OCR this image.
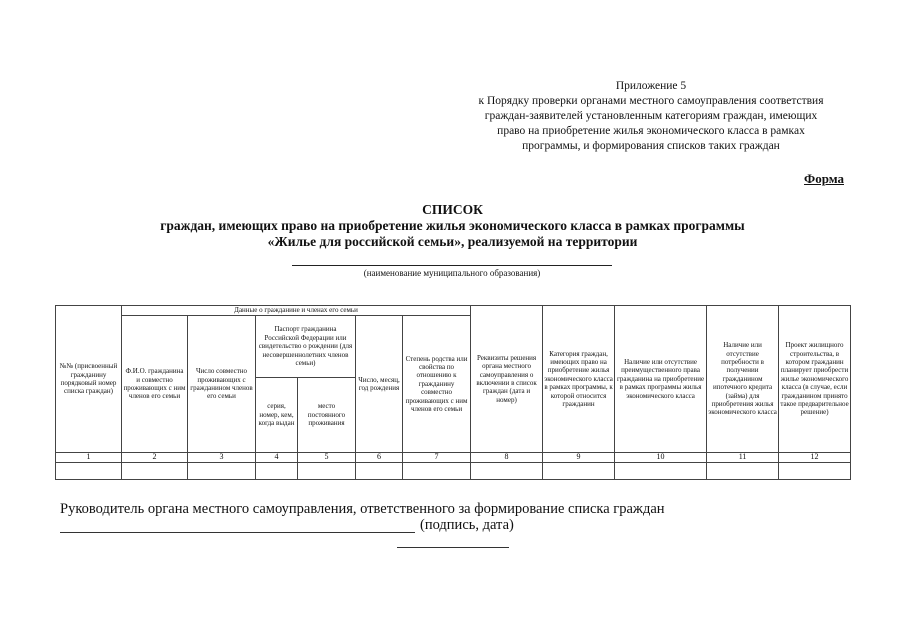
Приложение 5
к Порядку проверки органами местного самоуправления соответствия
граждан-заявителей установленным категориям граждан, имеющих
право на приобретение жилья экономического класса в рамках
программы, и формирования списков таких граждан
Форма
СПИСОК
граждан, имеющих право на приобретение жилья экономического класса в рамках программы
«Жилье для российской семьи», реализуемой на территории
(наименование муниципального образования)
№№ (присвоенный гражданину порядковый номер списка граждан)	Данные о гражданине и членах его семьи						Реквизиты решения органа местного самоуправления о включении в список граждан (дата и номер)	Категория граждан, имеющих право на приобретение жилья экономического класса в рамках программы, к которой относится гражданин	Наличие или отсутствие преимущественного права гражданина на приобретение в рамках программы жилья экономического класса	Наличие или отсутствие потребности в получении гражданином ипотечного кредита (займа) для приобретения жилья экономического класса	Проект жилищного строительства, в котором гражданин планирует приобрести жилье экономического класса (в случае, если гражданином принято такое предварительное решение)
	Ф.И.О. гражданина и совместно проживающих с ним членов его семьи	Число совместно проживающих с гражданином членов его семьи	Паспорт гражданина Российской Федерации или свидетельство о рождении (для несовершеннолетних членов семьи)		Число, месяц, год рождения	Степень родства или свойства по отношению к гражданину совместно проживающих с ним членов его семьи					
			серия, номер, кем, когда выдан	место постоянного проживания							
1	2	3	4	5	6	7	8	9	10	11	12

Руководитель органа местного самоуправления, ответственного за формирование списка граждан
(подпись, дата)
